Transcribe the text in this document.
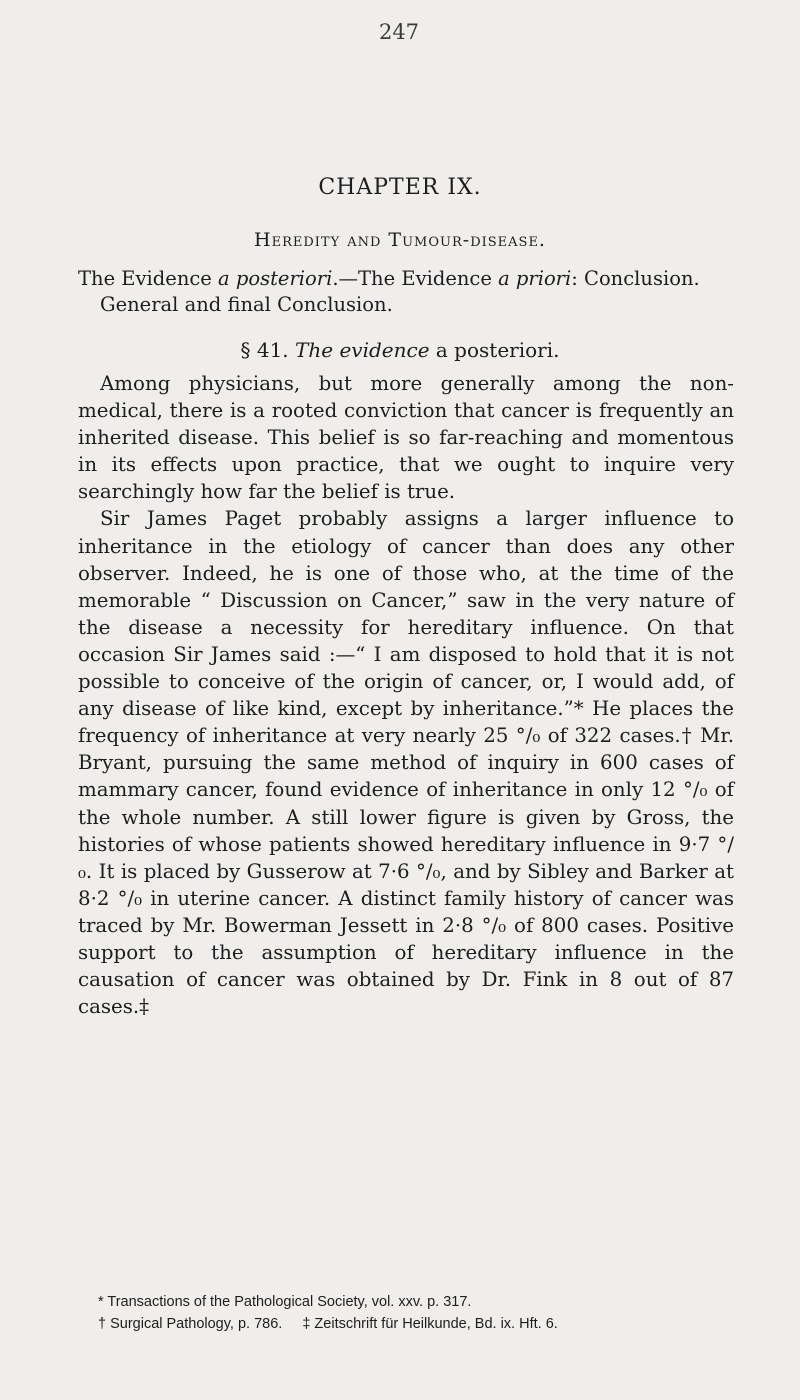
247
CHAPTER IX.
Heredity and Tumour-disease.
The Evidence a posteriori.—The Evidence a priori: Conclusion.
General and final Conclusion.
§ 41. The evidence a posteriori.

Among physicians, but more generally among the non-medical, there is a rooted conviction that cancer is frequently an inherited disease. This belief is so far-reaching and momentous in its effects upon practice, that we ought to inquire very searchingly how far the belief is true.

Sir James Paget probably assigns a larger influence to inheritance in the etiology of cancer than does any other observer. Indeed, he is one of those who, at the time of the memorable “ Discussion on Cancer,” saw in the very nature of the disease a necessity for hereditary influence. On that occasion Sir James said :—“ I am disposed to hold that it is not possible to conceive of the origin of cancer, or, I would add, of any disease of like kind, except by inheritance.”* He places the frequency of inheritance at very nearly 25 °/₀ of 322 cases.† Mr. Bryant, pursuing the same method of inquiry in 600 cases of mammary cancer, found evidence of inheritance in only 12 °/₀ of the whole number. A still lower figure is given by Gross, the histories of whose patients showed hereditary influence in 9·7 °/₀. It is placed by Gusserow at 7·6 °/₀, and by Sibley and Barker at 8·2 °/₀ in uterine cancer. A distinct family history of cancer was traced by Mr. Bowerman Jessett in 2·8 °/₀ of 800 cases. Positive support to the assumption of hereditary influence in the causation of cancer was obtained by Dr. Fink in 8 out of 87 cases.‡

* Transactions of the Pathological Society, vol. xxv. p. 317.
† Surgical Pathology, p. 786. ‡ Zeitschrift für Heilkunde, Bd. ix. Hft. 6.
